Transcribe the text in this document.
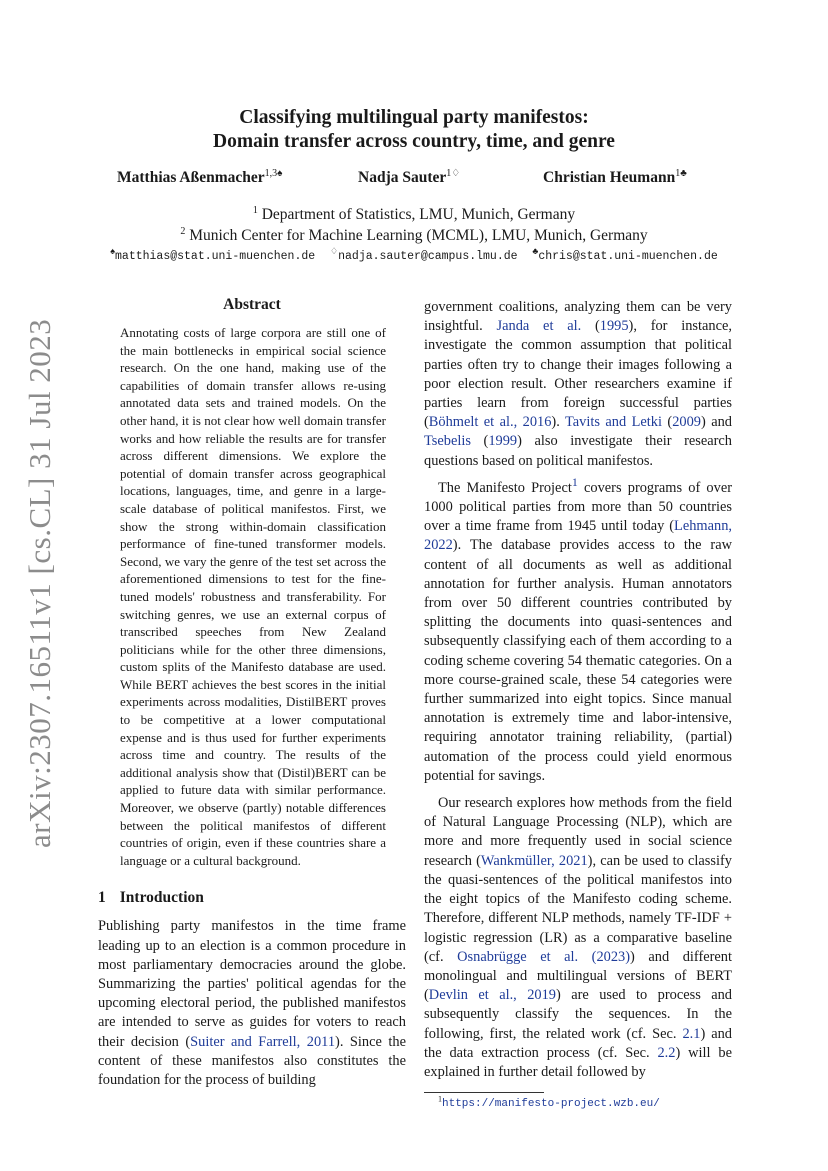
arXiv:2307.16511v1 [cs.CL] 31 Jul 2023
Classifying multilingual party manifestos:
Domain transfer across country, time, and genre
Matthias Aßenmacher$^{1,3♠}$	Nadja Sauter$^{1♢}$	Christian Heumann$^{1♣}$
$^1$ Department of Statistics, LMU, Munich, Germany
$^2$ Munich Center for Machine Learning (MCML), LMU, Munich, Germany
♠matthias@stat.uni-muenchen.de ♢nadja.sauter@campus.lmu.de ♣chris@stat.uni-muenchen.de
Abstract

Annotating costs of large corpora are still one of the main bottlenecks in empirical social science research. On the one hand, making use of the capabilities of domain transfer allows re-using annotated data sets and trained models. On the other hand, it is not clear how well domain transfer works and how reliable the results are for transfer across different dimensions. We explore the potential of domain transfer across geographical locations, languages, time, and genre in a large-scale database of political manifestos. First, we show the strong within-domain classification performance of fine-tuned transformer models. Second, we vary the genre of the test set across the aforementioned dimensions to test for the fine-tuned models' robustness and transferability. For switching genres, we use an external corpus of transcribed speeches from New Zealand politicians while for the other three dimensions, custom splits of the Manifesto database are used. While BERT achieves the best scores in the initial experiments across modalities, DistilBERT proves to be competitive at a lower computational expense and is thus used for further experiments across time and country. The results of the additional analysis show that (Distil)BERT can be applied to future data with similar performance. Moreover, we observe (partly) notable differences between the political manifestos of different countries of origin, even if these countries share a language or a cultural background.

1 Introduction

Publishing party manifestos in the time frame leading up to an election is a common procedure in most parliamentary democracies around the globe. Summarizing the parties' political agendas for the upcoming electoral period, the published manifestos are intended to serve as guides for voters to reach their decision (Suiter and Farrell, 2011). Since the content of these manifestos also constitutes the foundation for the process of building

government coalitions, analyzing them can be very insightful. Janda et al. (1995), for instance, investigate the common assumption that political parties often try to change their images following a poor election result. Other researchers examine if parties learn from foreign successful parties (Böhmelt et al., 2016). Tavits and Letki (2009) and Tsebelis (1999) also investigate their research questions based on political manifestos.

The Manifesto Project$^1$ covers programs of over 1000 political parties from more than 50 countries over a time frame from 1945 until today (Lehmann, 2022). The database provides access to the raw content of all documents as well as additional annotation for further analysis. Human annotators from over 50 different countries contributed by splitting the documents into quasi-sentences and subsequently classifying each of them according to a coding scheme covering 54 thematic categories. On a more course-grained scale, these 54 categories were further summarized into eight topics. Since manual annotation is extremely time and labor-intensive, requiring annotator training reliability, (partial) automation of the process could yield enormous potential for savings.

Our research explores how methods from the field of Natural Language Processing (NLP), which are more and more frequently used in social science research (Wankmüller, 2021), can be used to classify the quasi-sentences of the political manifestos into the eight topics of the Manifesto coding scheme. Therefore, different NLP methods, namely TF-IDF + logistic regression (LR) as a comparative baseline (cf. Osnabrügge et al. (2023)) and different monolingual and multilingual versions of BERT (Devlin et al., 2019) are used to process and subsequently classify the sequences. In the following, first, the related work (cf. Sec. 2.1) and the data extraction process (cf. Sec. 2.2) will be explained in further detail followed by

$^1$https://manifesto-project.wzb.eu/
